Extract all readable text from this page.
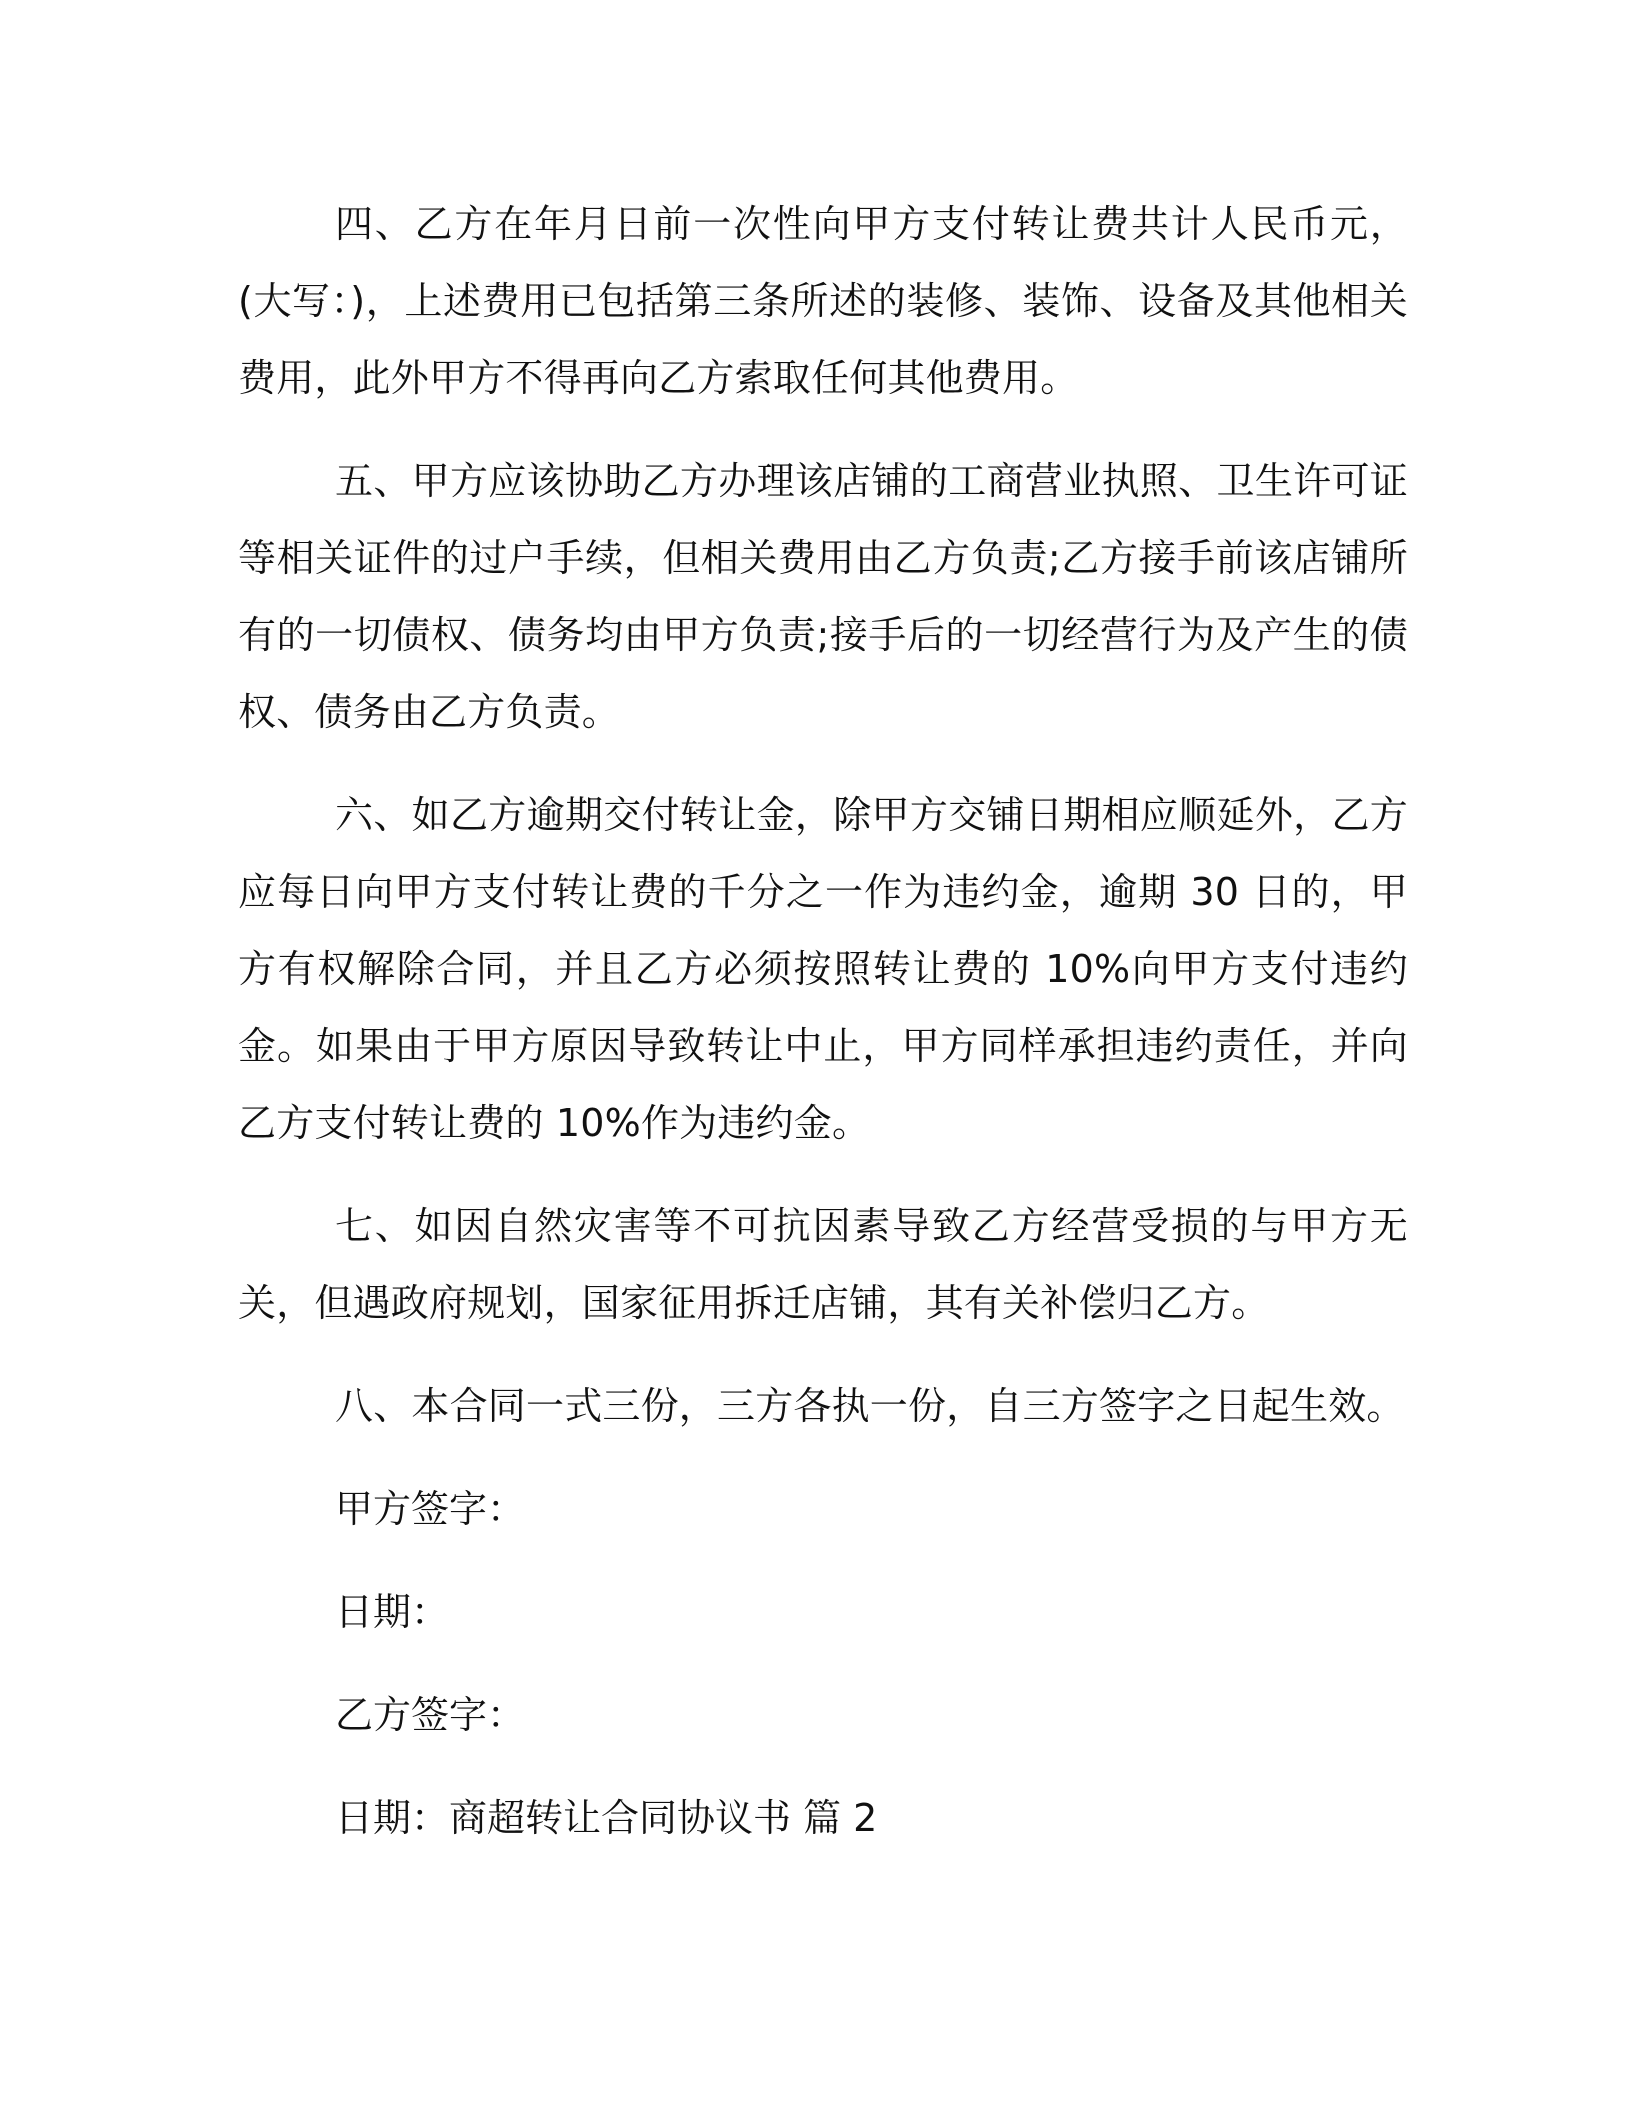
四、乙方在年月日前一次性向甲方支付转让费共计人民币元，(大写：)，上述费用已包括第三条所述的装修、装饰、设备及其他相关费用，此外甲方不得再向乙方索取任何其他费用。

五、甲方应该协助乙方办理该店铺的工商营业执照、卫生许可证等相关证件的过户手续，但相关费用由乙方负责;乙方接手前该店铺所有的一切债权、债务均由甲方负责;接手后的一切经营行为及产生的债权、债务由乙方负责。

六、如乙方逾期交付转让金，除甲方交铺日期相应顺延外，乙方应每日向甲方支付转让费的千分之一作为违约金，逾期 30 日的，甲方有权解除合同，并且乙方必须按照转让费的 10%向甲方支付违约金。如果由于甲方原因导致转让中止，甲方同样承担违约责任，并向乙方支付转让费的 10%作为违约金。

七、如因自然灾害等不可抗因素导致乙方经营受损的与甲方无关，但遇政府规划，国家征用拆迁店铺，其有关补偿归乙方。

八、本合同一式三份，三方各执一份，自三方签字之日起生效。

甲方签字：

日期：

乙方签字：

日期：商超转让合同协议书 篇 2
